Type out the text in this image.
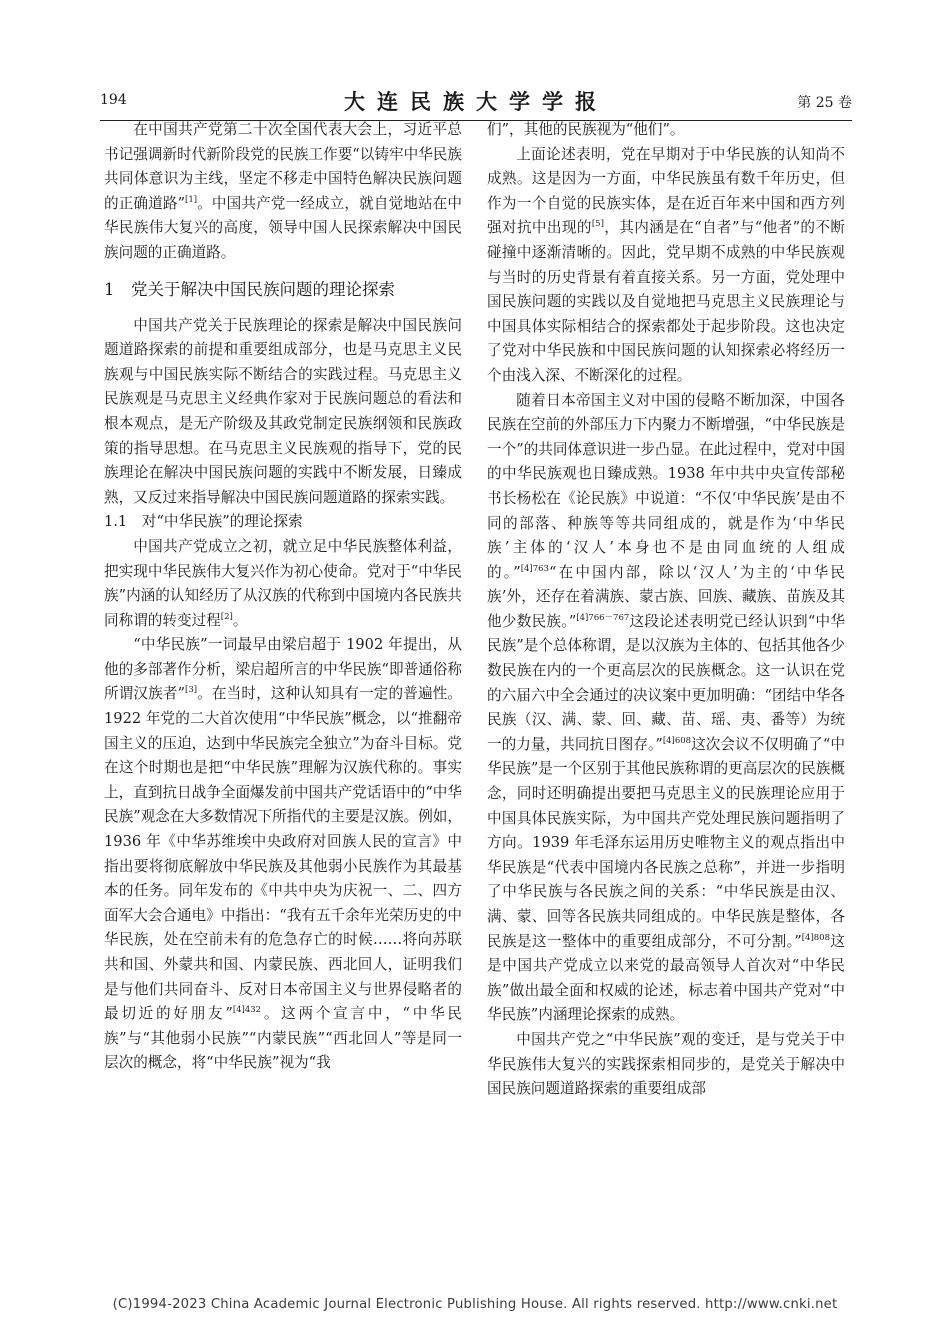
194	大连民族大学学报	第 25 卷

在中国共产党第二十次全国代表大会上，习近平总书记强调新时代新阶段党的民族工作要“以铸牢中华民族共同体意识为主线，坚定不移走中国特色解决民族问题的正确道路”[1]。中国共产党一经成立，就自觉地站在中华民族伟大复兴的高度，领导中国人民探索解决中国民族问题的正确道路。

1　党关于解决中国民族问题的理论探索

中国共产党关于民族理论的探索是解决中国民族问题道路探索的前提和重要组成部分，也是马克思主义民族观与中国民族实际不断结合的实践过程。马克思主义民族观是马克思主义经典作家对于民族问题总的看法和根本观点，是无产阶级及其政党制定民族纲领和民族政策的指导思想。在马克思主义民族观的指导下，党的民族理论在解决中国民族问题的实践中不断发展，日臻成熟，又反过来指导解决中国民族问题道路的探索实践。

1.1　对“中华民族”的理论探索

中国共产党成立之初，就立足中华民族整体利益，把实现中华民族伟大复兴作为初心使命。党对于“中华民族”内涵的认知经历了从汉族的代称到中国境内各民族共同称谓的转变过程[2]。

“中华民族”一词最早由梁启超于 1902 年提出，从他的多部著作分析，梁启超所言的中华民族“即普通俗称所谓汉族者”[3]。在当时，这种认知具有一定的普遍性。1922 年党的二大首次使用“中华民族”概念，以“推翻帝国主义的压迫，达到中华民族完全独立”为奋斗目标。党在这个时期也是把“中华民族”理解为汉族代称的。事实上，直到抗日战争全面爆发前中国共产党话语中的“中华民族”观念在大多数情况下所指代的主要是汉族。例如，1936 年《中华苏维埃中央政府对回族人民的宣言》中指出要将彻底解放中华民族及其他弱小民族作为其最基本的任务。同年发布的《中共中央为庆祝一、二、四方面军大会合通电》中指出：“我有五千余年光荣历史的中华民族，处在空前未有的危急存亡的时候……将向苏联共和国、外蒙共和国、内蒙民族、西北回人，证明我们是与他们共同奋斗、反对日本帝国主义与世界侵略者的最切近的好朋友”$^{[4]432}$。这两个宣言中，“中华民族”与“其他弱小民族”“内蒙民族”“西北回人”等是同一层次的概念，将“中华民族”视为“我

们”，其他的民族视为“他们”。

上面论述表明，党在早期对于中华民族的认知尚不成熟。这是因为一方面，中华民族虽有数千年历史，但作为一个自觉的民族实体，是在近百年来中国和西方列强对抗中出现的[5]，其内涵是在“自者”与“他者”的不断碰撞中逐渐清晰的。因此，党早期不成熟的中华民族观与当时的历史背景有着直接关系。另一方面，党处理中国民族问题的实践以及自觉地把马克思主义民族理论与中国具体实际相结合的探索都处于起步阶段。这也决定了党对中华民族和中国民族问题的认知探索必将经历一个由浅入深、不断深化的过程。

随着日本帝国主义对中国的侵略不断加深，中国各民族在空前的外部压力下内聚力不断增强，“中华民族是一个”的共同体意识进一步凸显。在此过程中，党对中国的中华民族观也日臻成熟。1938 年中共中央宣传部秘书长杨松在《论民族》中说道：“不仅‘中华民族’是由不同的部落、种族等等共同组成的，就是作为‘中华民族’主体的‘汉人’本身也不是由同血统的人组成的。”$^{[4]763}$“在中国内部，除以‘汉人’为主的‘中华民族’外，还存在着满族、蒙古族、回族、藏族、苗族及其他少数民族。”$^{[4]766-767}$这段论述表明党已经认识到“中华民族”是个总体称谓，是以汉族为主体的、包括其他各少数民族在内的一个更高层次的民族概念。这一认识在党的六届六中全会通过的决议案中更加明确：“团结中华各民族（汉、满、蒙、回、藏、苗、瑶、夷、番等）为统一的力量，共同抗日图存。”$^{[4]608}$这次会议不仅明确了“中华民族”是一个区别于其他民族称谓的更高层次的民族概念，同时还明确提出要把马克思主义的民族理论应用于中国具体民族实际，为中国共产党处理民族问题指明了方向。1939 年毛泽东运用历史唯物主义的观点指出中华民族是“代表中国境内各民族之总称”，并进一步指明了中华民族与各民族之间的关系：“中华民族是由汉、满、蒙、回等各民族共同组成的。中华民族是整体，各民族是这一整体中的重要组成部分，不可分割。”$^{[4]808}$这是中国共产党成立以来党的最高领导人首次对“中华民族”做出最全面和权威的论述，标志着中国共产党对“中华民族”内涵理论探索的成熟。

中国共产党之“中华民族”观的变迁，是与党关于中华民族伟大复兴的实践探索相同步的，是党关于解决中国民族问题道路探索的重要组成部

(C)1994-2023 China Academic Journal Electronic Publishing House. All rights reserved. http://www.cnki.net
